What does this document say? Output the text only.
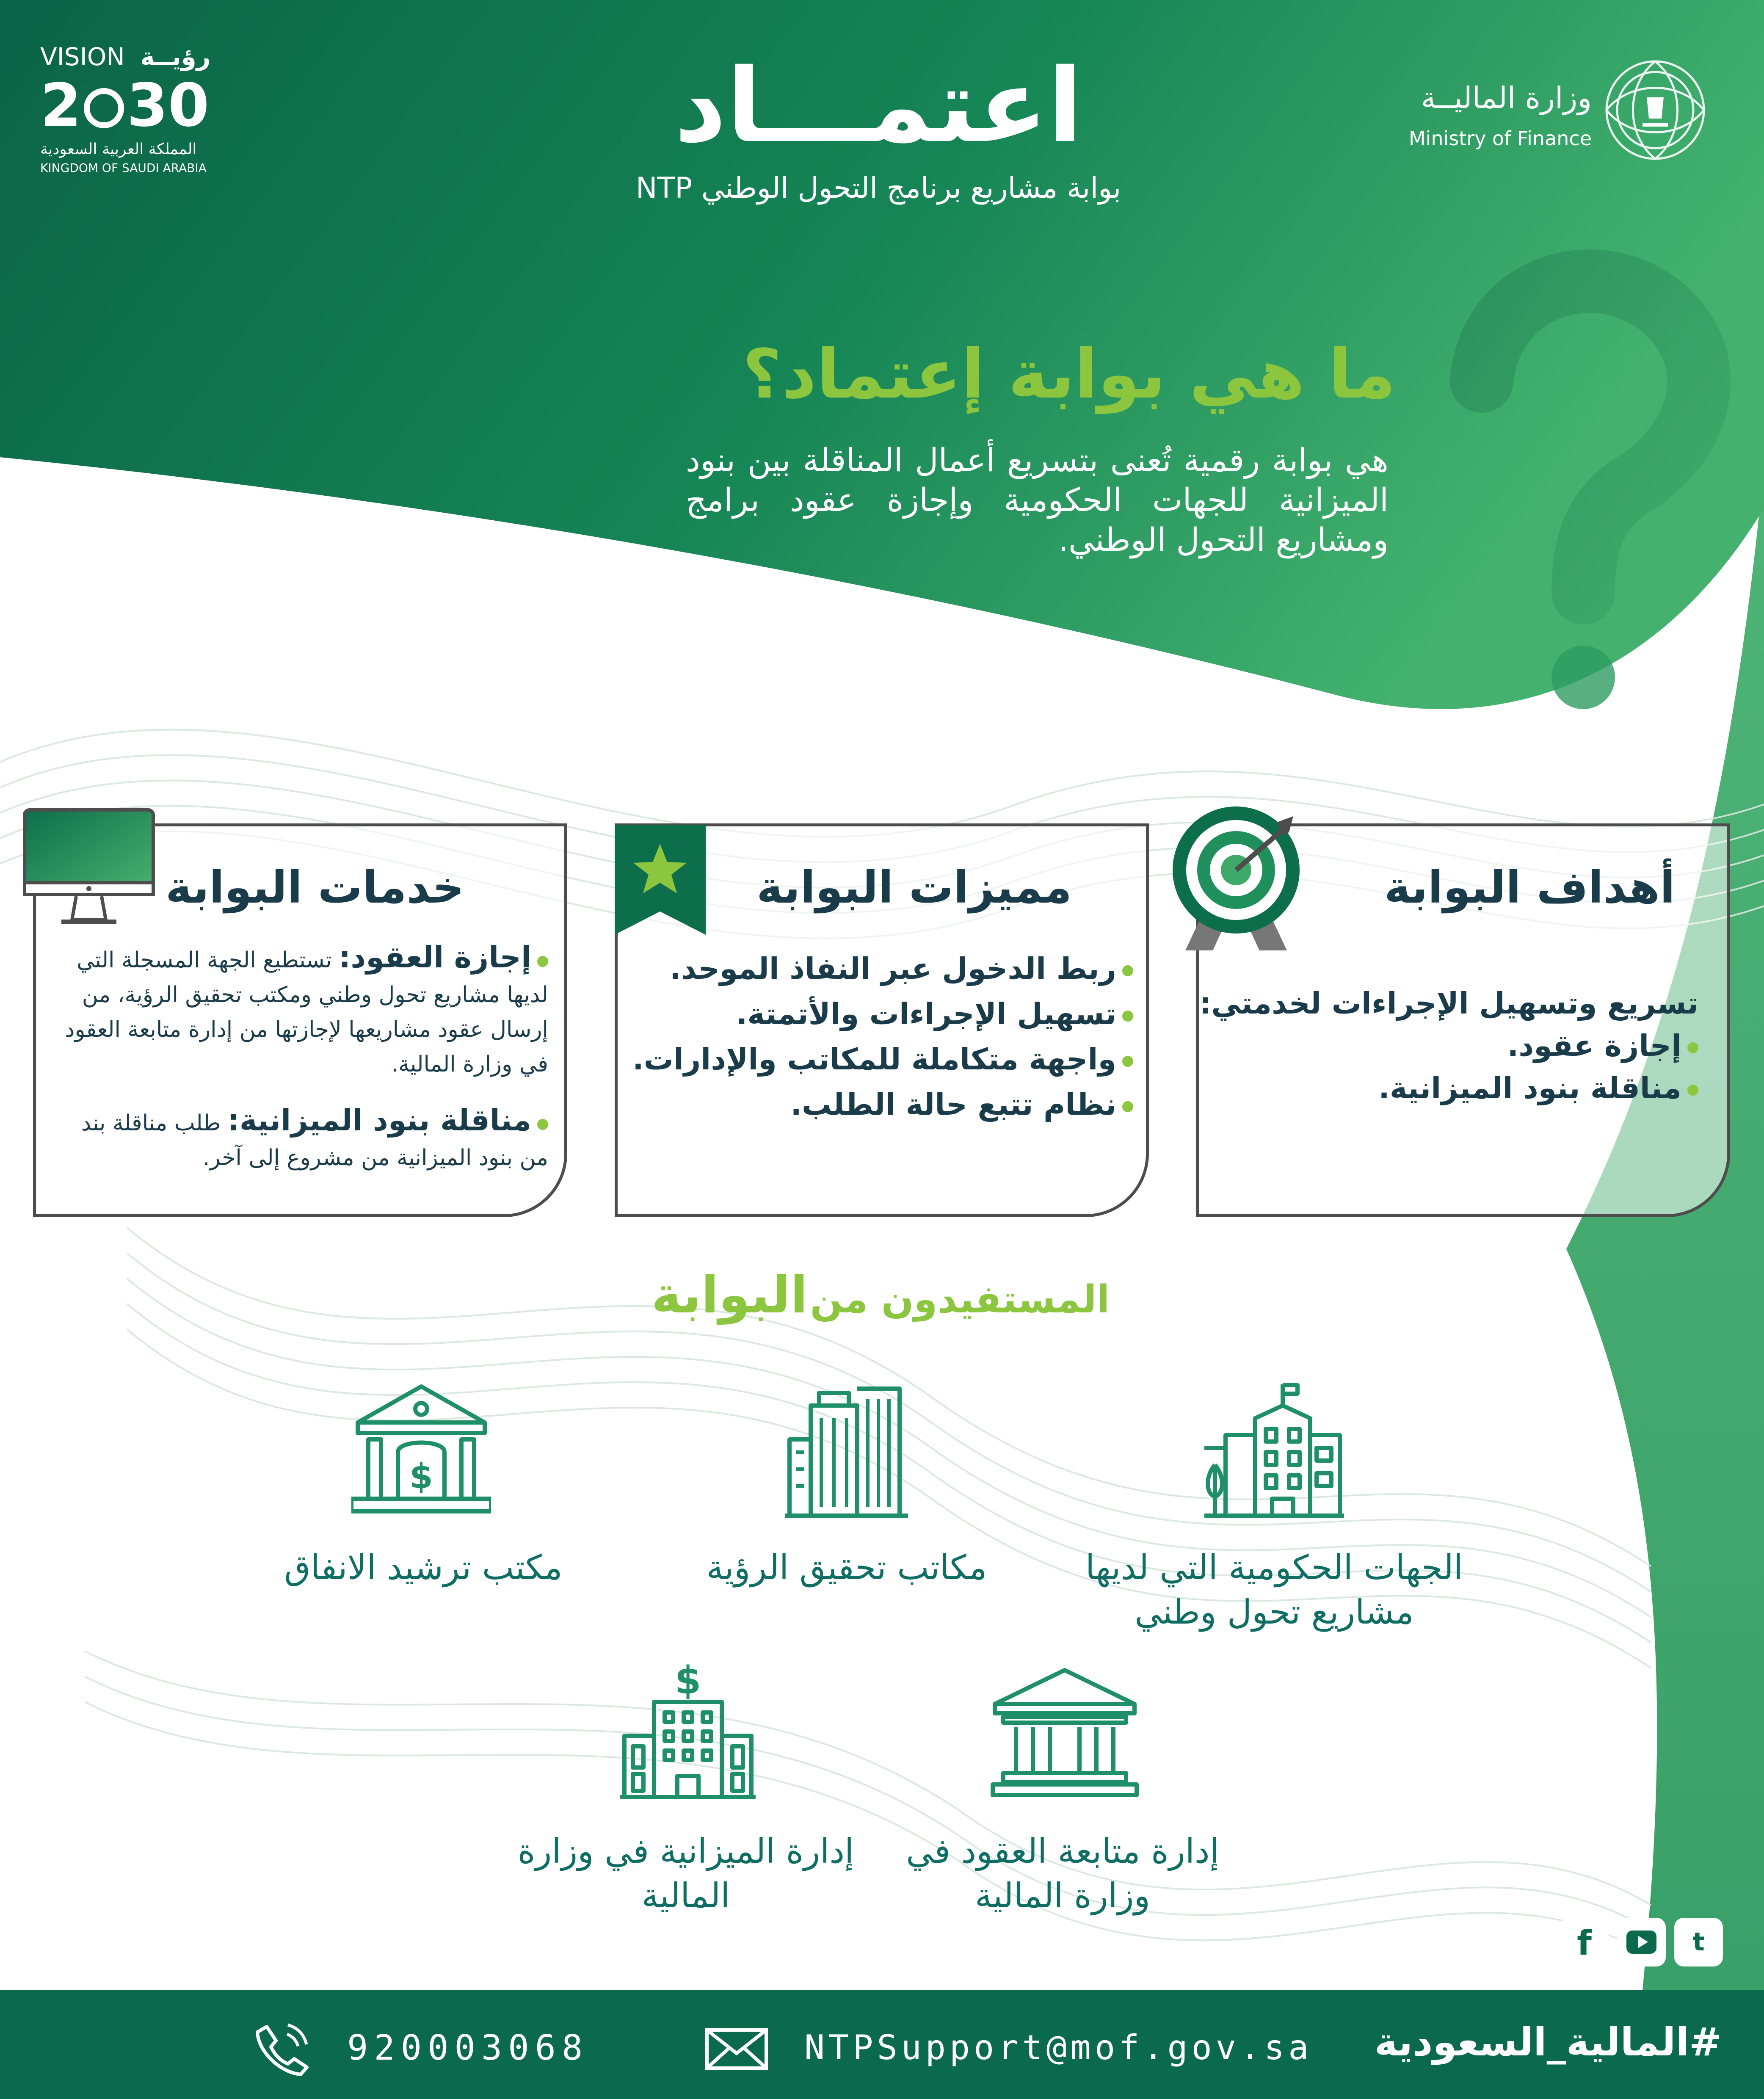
VISION رؤيــة
2 30
المملكة العربية السعودية
KINGDOM OF SAUDI ARABIA
اعتمـــاد
بوابة مشاريع برنامج التحول الوطني NTP
وزارة الماليــة
Ministry of Finance
ما هي بوابة إعتماد؟
هي بوابة رقمية تُعنى بتسريع أعمال المناقلة بين بنود الميزانية للجهات الحكومية وإجازة عقود برامج ومشاريع التحول الوطني.
خدمات البوابة
إجازة العقود: تستطيع الجهة المسجلة التي لديها مشاريع تحول وطني ومكتب تحقيق الرؤية، من إرسال عقود مشاريعها لإجازتها من إدارة متابعة العقود في وزارة المالية.
مناقلة بنود الميزانية: طلب مناقلة بند من بنود الميزانية من مشروع إلى آخر.
مميزات البوابة
ربط الدخول عبر النفاذ الموحد.
تسهيل الإجراءات والأتمتة.
واجهة متكاملة للمكاتب والإدارات.
نظام تتبع حالة الطلب.
أهداف البوابة
تسريع وتسهيل الإجراءات لخدمتي:
إجازة عقود.
مناقلة بنود الميزانية.
المستفيدون من البوابة
الجهات الحكومية التي لديها مشاريع تحول وطني
مكاتب تحقيق الرؤية
$
مكتب ترشيد الانفاق
إدارة متابعة العقود في وزارة المالية
$
إدارة الميزانية في وزارة المالية
920003068	NTPSupport@mof.gov.sa
t
f
#المالية_السعودية
